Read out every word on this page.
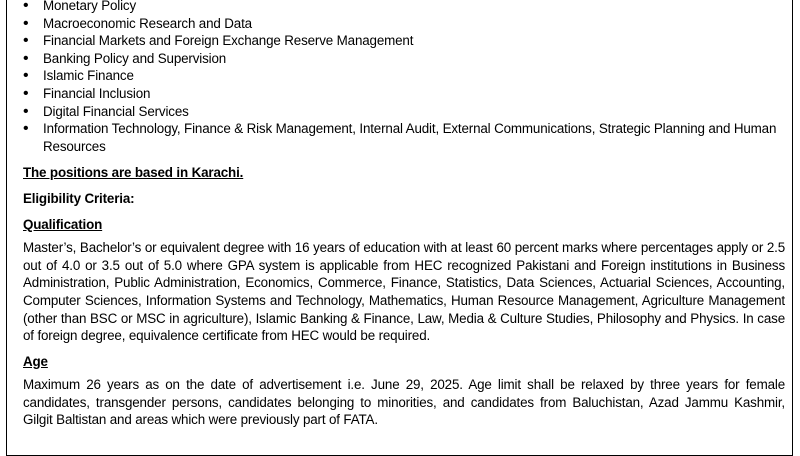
• Monetary Policy
• Macroeconomic Research and Data
• Financial Markets and Foreign Exchange Reserve Management
• Banking Policy and Supervision
• Islamic Finance
• Financial Inclusion
• Digital Financial Services
• Information Technology, Finance & Risk Management, Internal Audit, External Communications, Strategic Planning and Human Resources
The positions are based in Karachi.
Eligibility Criteria:
Qualification
Master’s, Bachelor’s or equivalent degree with 16 years of education with at least 60 percent marks where percentages apply or 2.5 out of 4.0 or 3.5 out of 5.0 where GPA system is applicable from HEC recognized Pakistani and Foreign institutions in Business Administration, Public Administration, Economics, Commerce, Finance, Statistics, Data Sciences, Actuarial Sciences, Accounting, Computer Sciences, Information Systems and Technology, Mathematics, Human Resource Management, Agriculture Management (other than BSC or MSC in agriculture), Islamic Banking & Finance, Law, Media & Culture Studies, Philosophy and Physics. In case of foreign degree, equivalence certificate from HEC would be required.
Age
Maximum 26 years as on the date of advertisement i.e. June 29, 2025. Age limit shall be relaxed by three years for female candidates, transgender persons, candidates belonging to minorities, and candidates from Baluchistan, Azad Jammu Kashmir, Gilgit Baltistan and areas which were previously part of FATA.
